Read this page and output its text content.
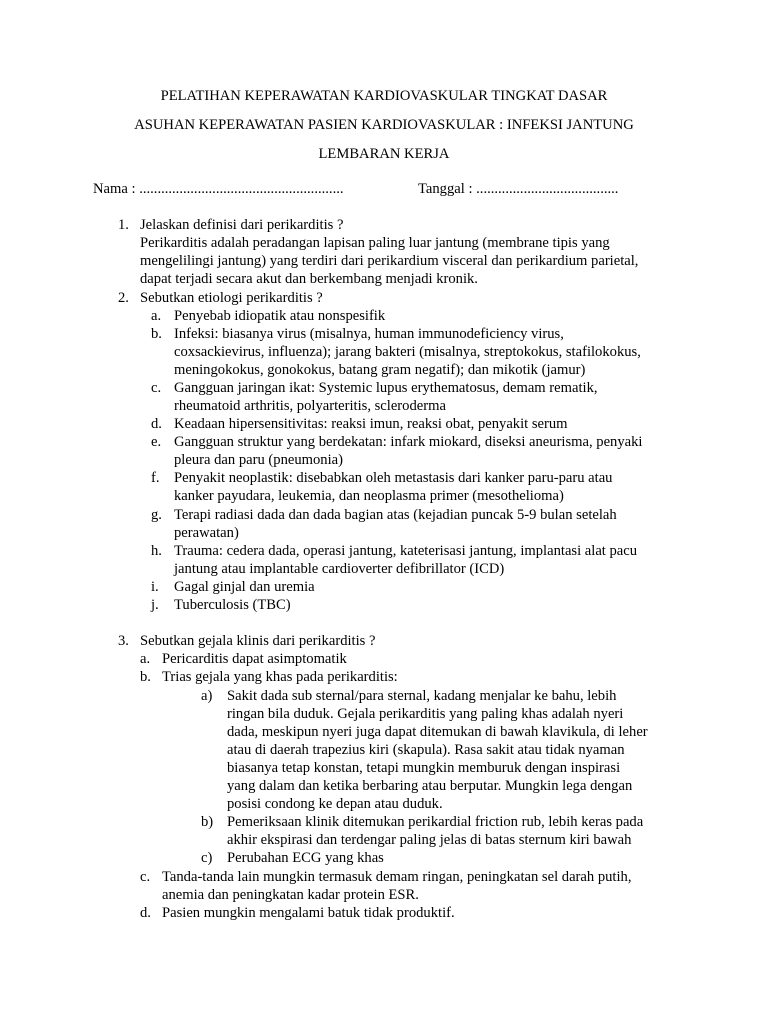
PELATIHAN KEPERAWATAN KARDIOVASKULAR TINGKAT DASAR
ASUHAN KEPERAWATAN PASIEN KARDIOVASKULAR : INFEKSI JANTUNG
LEMBARAN KERJA
Nama : ........................................................	Tanggal : .......................................
1. Jelaskan definisi dari perikarditis ?
Perikarditis adalah peradangan lapisan paling luar jantung (membrane tipis yang
mengelilingi jantung) yang terdiri dari perikardium visceral dan perikardium parietal,
dapat terjadi secara akut dan berkembang menjadi kronik.
2. Sebutkan etiologi perikarditis ?
a. Penyebab idiopatik atau nonspesifik
b. Infeksi: biasanya virus (misalnya, human immunodeficiency virus,
coxsackievirus, influenza); jarang bakteri (misalnya, streptokokus, stafilokokus,
meningokokus, gonokokus, batang gram negatif); dan mikotik (jamur)
c. Gangguan jaringan ikat: Systemic lupus erythematosus, demam rematik,
rheumatoid arthritis, polyarteritis, scleroderma
d. Keadaan hipersensitivitas: reaksi imun, reaksi obat, penyakit serum
e. Gangguan struktur yang berdekatan: infark miokard, diseksi aneurisma, penyaki
pleura dan paru (pneumonia)
f. Penyakit neoplastik: disebabkan oleh metastasis dari kanker paru-paru atau
kanker payudara, leukemia, dan neoplasma primer (mesothelioma)
g. Terapi radiasi dada dan dada bagian atas (kejadian puncak 5-9 bulan setelah
perawatan)
h. Trauma: cedera dada, operasi jantung, kateterisasi jantung, implantasi alat pacu
jantung atau implantable cardioverter defibrillator (ICD)
i. Gagal ginjal dan uremia
j. Tuberculosis (TBC)
3. Sebutkan gejala klinis dari perikarditis ?
a. Pericarditis dapat asimptomatik
b. Trias gejala yang khas pada perikarditis:
a) Sakit dada sub sternal/para sternal, kadang menjalar ke bahu, lebih
ringan bila duduk. Gejala perikarditis yang paling khas adalah nyeri
dada, meskipun nyeri juga dapat ditemukan di bawah klavikula, di leher
atau di daerah trapezius kiri (skapula). Rasa sakit atau tidak nyaman
biasanya tetap konstan, tetapi mungkin memburuk dengan inspirasi
yang dalam dan ketika berbaring atau berputar. Mungkin lega dengan
posisi condong ke depan atau duduk.
b) Pemeriksaan klinik ditemukan perikardial friction rub, lebih keras pada
akhir ekspirasi dan terdengar paling jelas di batas sternum kiri bawah
c) Perubahan ECG yang khas
c. Tanda-tanda lain mungkin termasuk demam ringan, peningkatan sel darah putih,
anemia dan peningkatan kadar protein ESR.
d. Pasien mungkin mengalami batuk tidak produktif.
